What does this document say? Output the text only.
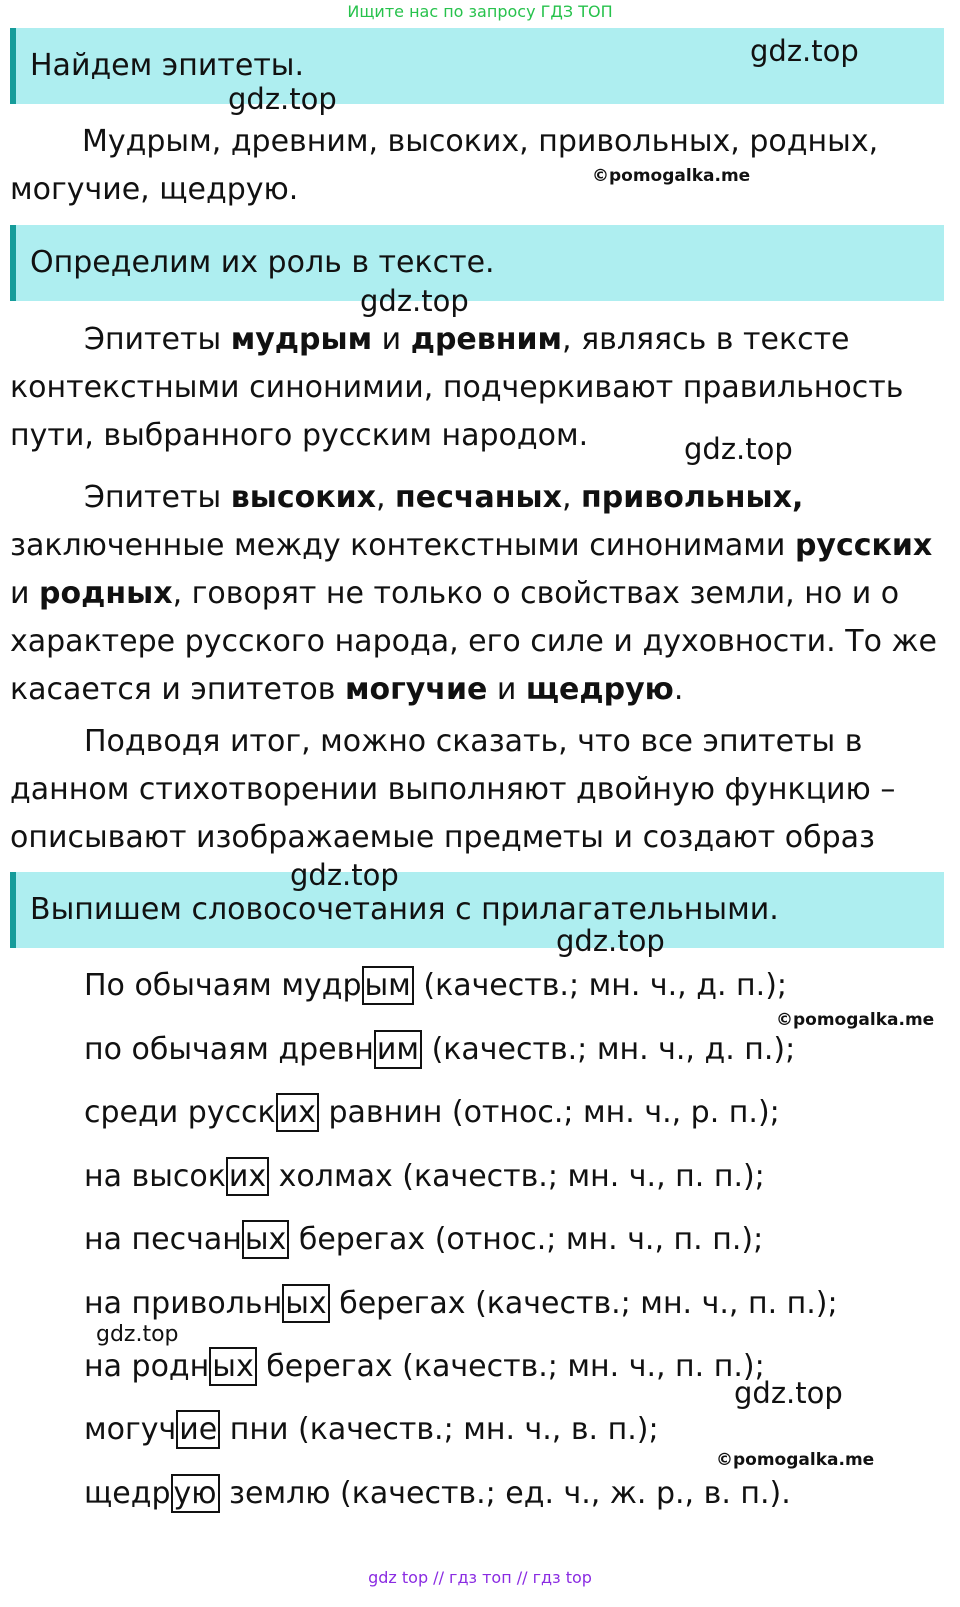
Ищите нас по запросу ГДЗ ТОП
Найдем эпитеты.
Мудрым, древним, высоких, привольных, родных,
могучие, щедрую.
Определим их роль в тексте.
Эпитеты мудрым и древним, являясь в тексте контекстными синонимии, подчеркивают правильность пути, выбранного русским народом.
Эпитеты высоких, песчаных, привольных, заключенные между контекстными синонимами русских и родных, говорят не только о свойствах земли, но и о характере русского народа, его силе и духовности. То же касается и эпитетов могучие и щедрую.
Подводя итог, можно сказать, что все эпитеты в данном стихотворении выполняют двойную функцию – описывают изображаемые предметы и создают образ
Выпишем словосочетания с прилагательными.
По обычаям мудр ым (качеств.; мн. ч., д. п.);
по обычаям древн им (качеств.; мн. ч., д. п.);
среди русск их равнин (относ.; мн. ч., р. п.);
на высок их холмах (качеств.; мн. ч., п. п.);
на песчан ых берегах (относ.; мн. ч., п. п.);
на привольн ых берегах (качеств.; мн. ч., п. п.);
на родн ых берегах (качеств.; мн. ч., п. п.);
могуч ие пни (качеств.; мн. ч., в. п.);
щедр ую землю (качеств.; ед. ч., ж. р., в. п.).
gdz.top
gdz.top
©pomogalka.me
gdz.top
gdz.top
gdz.top
gdz.top
©pomogalka.me
gdz.top
gdz.top
©pomogalka.me
gdz top // гдз топ // гдз top
